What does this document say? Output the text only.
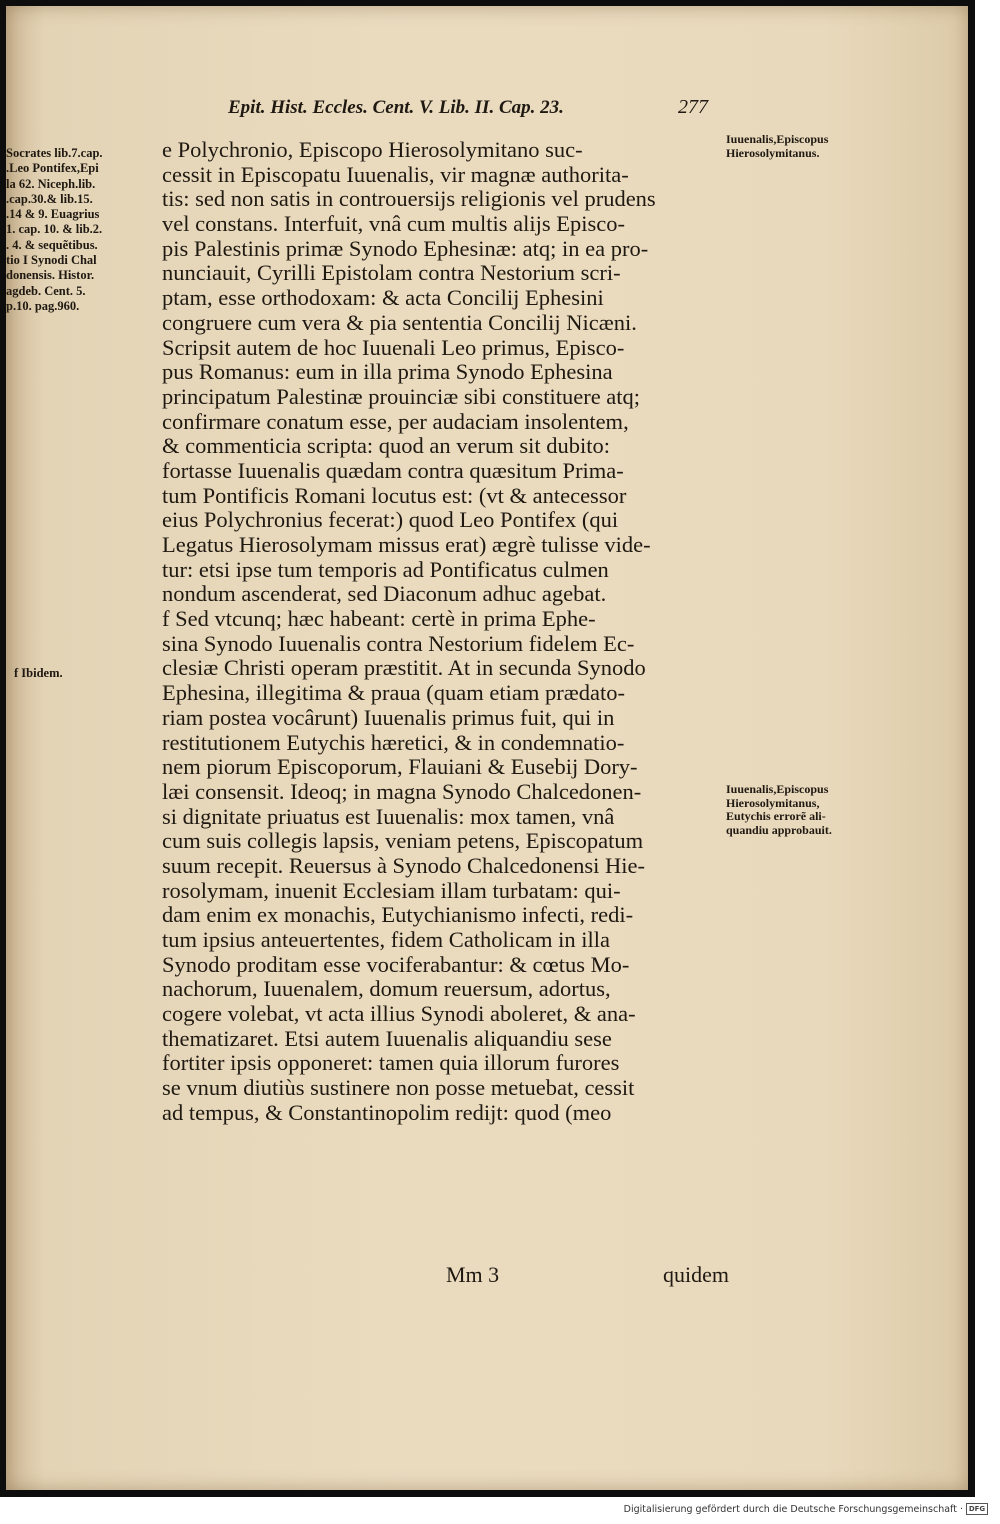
Epit. Hist. Eccles. Cent. V. Lib. II. Cap. 23.	277
Socrates lib.7.cap.
.Leo Pontifex,Epi
la 62. Niceph.lib.
.cap.30.& lib.15.
.14 & 9. Euagrius
1. cap. 10. & lib.2.
. 4. & sequẽtibus.
tio I Synodi Chal
donensis. Histor.
agdeb. Cent. 5.
p.10. pag.960.
f Ibidem.
Iuuenalis,Episcopus
Hierosolymitanus.
Iuuenalis,Episcopus
Hierosolymitanus,
Eutychis errorẽ ali-
quandiu approbauit.
e Polychronio, Episcopo Hierosolymitano suc-
cessit in Episcopatu Iuuenalis, vir magnæ authorita-
tis: sed non satis in controuersijs religionis vel prudens
vel constans. Interfuit, vnâ cum multis alijs Episco-
pis Palestinis primæ Synodo Ephesinæ: atq; in ea pro-
nunciauit, Cyrilli Epistolam contra Nestorium scri-
ptam, esse orthodoxam: & acta Concilij Ephesini
congruere cum vera & pia sententia Concilij Nicæni.
Scripsit autem de hoc Iuuenali Leo primus, Episco-
pus Romanus: eum in illa prima Synodo Ephesina
principatum Palestinæ prouinciæ sibi constituere atq;
confirmare conatum esse, per audaciam insolentem,
& commenticia scripta: quod an verum sit dubito:
fortasse Iuuenalis quædam contra quæsitum Prima-
tum Pontificis Romani locutus est: (vt & antecessor
eius Polychronius fecerat:) quod Leo Pontifex (qui
Legatus Hierosolymam missus erat) ægrè tulisse vide-
tur: etsi ipse tum temporis ad Pontificatus culmen
nondum ascenderat, sed Diaconum adhuc agebat.
f Sed vtcunq; hæc habeant: certè in prima Ephe-
sina Synodo Iuuenalis contra Nestorium fidelem Ec-
clesiæ Christi operam præstitit. At in secunda Synodo
Ephesina, illegitima & praua (quam etiam prædato-
riam postea vocârunt) Iuuenalis primus fuit, qui in
restitutionem Eutychis hæretici, & in condemnatio-
nem piorum Episcoporum, Flauiani & Eusebij Dory-
læi consensit. Ideoq; in magna Synodo Chalcedonen-
si dignitate priuatus est Iuuenalis: mox tamen, vnâ
cum suis collegis lapsis, veniam petens, Episcopatum
suum recepit. Reuersus à Synodo Chalcedonensi Hie-
rosolymam, inuenit Ecclesiam illam turbatam: qui-
dam enim ex monachis, Eutychianismo infecti, redi-
tum ipsius anteuertentes, fidem Catholicam in illa
Synodo proditam esse vociferabantur: & cœtus Mo-
nachorum, Iuuenalem, domum reuersum, adortus,
cogere volebat, vt acta illius Synodi aboleret, & ana-
thematizaret. Etsi autem Iuuenalis aliquandiu sese
fortiter ipsis opponeret: tamen quia illorum furores
se vnum diutiùs sustinere non posse metuebat, cessit
ad tempus, & Constantinopolim redijt: quod (meo
Mm 3	quidem
Digitalisierung gefördert durch die Deutsche Forschungsgemeinschaft · DFG
